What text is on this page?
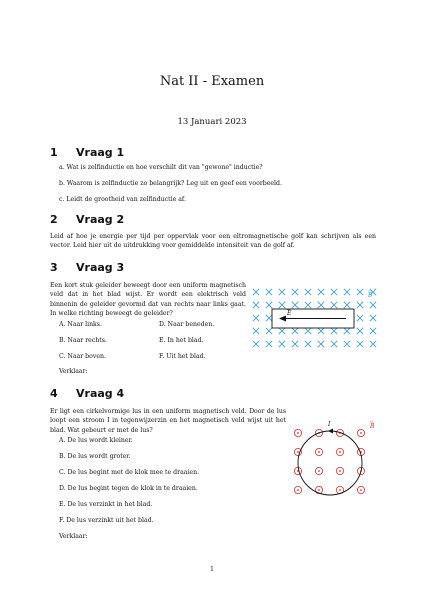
Nat II - Examen
13 Januari 2023
1 Vraag 1
a. Wat is zelfinductie en hoe verschilt dit van "gewone" inductie?
b. Waarom is zelfinductie zo belangrijk? Leg uit en geef een voorbeeld.
c. Leidt de grootheid van zelfinductie af.
2 Vraag 2
Leid af hoe je energie per tijd per oppervlak voor een eltromagnetische golf kan schrijven als een vector. Leid hier uit de uitdrukking voor gemiddelde intensiteit van de golf af.
3 Vraag 3
Een kort stuk geleider beweegt door een uniform magnetisch veld dat in het blad wijst. Er wordt een elektrisch veld binnenin de geleider gevormd dat van rechts naar links gaat. In welke richting beweegt de geleider?
A. Naar links.
B. Naar rechts.
C. Naar boven.
D. Naar beneden.
E. In het blad.
F. Uit het blad.
Verklaar:
E
B
4 Vraag 4
Er ligt een cirkelvormige lus in een uniform magnetisch veld. Door de lus loopt een stroom I in tegenwijzerzin en het magnetisch veld wijst uit het blad. Wat gebeurt er met de lus?
A. De lus wordt kleiner.
B. De lus wordt groter.
C. De lus begint met de klok mee te draaien.
D. De lus begint tegen de klok in te draaien.
E. De lus verzinkt in het blad.
F. De lus verzinkt uit het blad.
Verklaar:
I	B
1
